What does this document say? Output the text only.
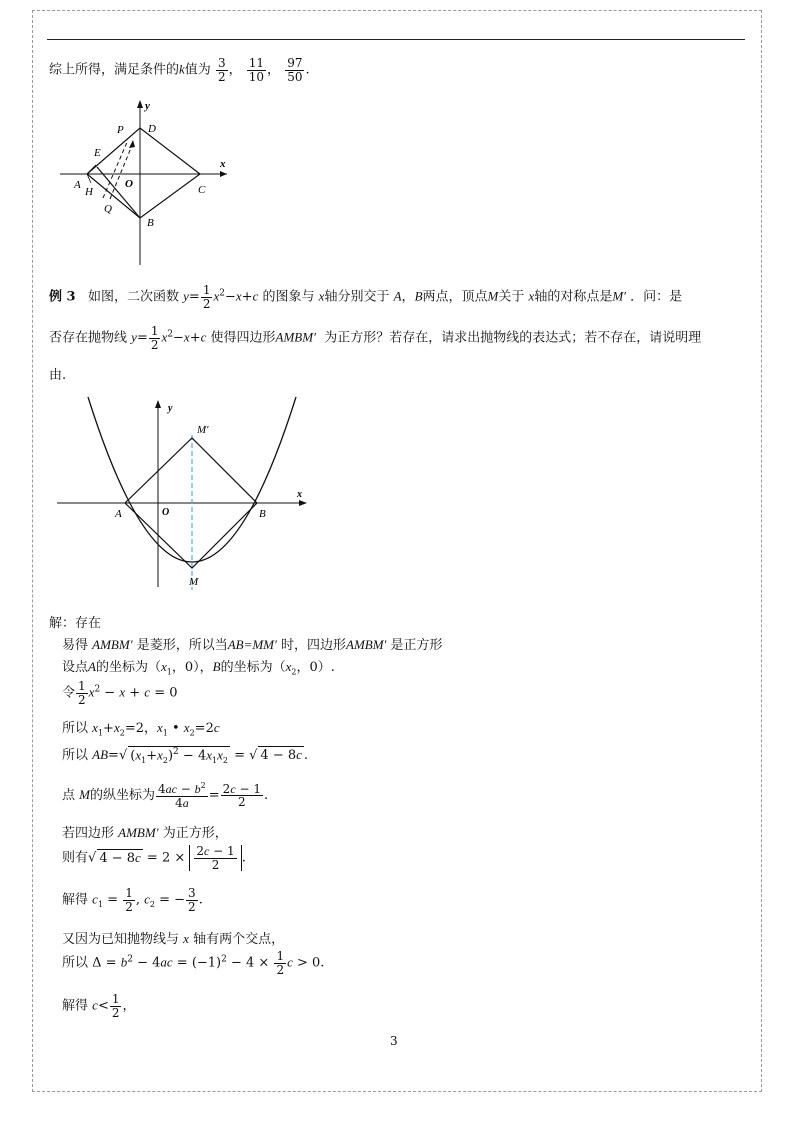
综上所得，满足条件的k值为 $\frac{3}{2}$ ， $\frac{11}{10}$ ， $\frac{97}{50}$ .
y
x
P D
E
O	C
A
H
Q
B
例 3 如图，二次函数 $y= \frac{1}{2} x^2-x+c$ 的图象与 x轴分别交于 A，B两点，顶点M关于 x轴的对称点是M′ ．问：是
否存在抛物线 $y= \frac{1}{2} x^2-x+c$ 使得四边形AMBM′ 为正方形？若存在，请求出抛物线的表达式；若不存在，请说明理
由.
y
x
M′
A	O	B
M
解：存在
易得 AMBM′ 是菱形，所以当AB=MM′ 时，四边形AMBM′ 是正方形
设点A的坐标为（$x_1$，0），B的坐标为（$x_2$，0）.
令 $\frac{1}{2} x^2 - x + c = 0$
所以 $x_1+x_2=2$，$x_1$ • $x_2=2c$
所以 AB=√ $(x_1+x_2)^2 - 4x_1x_2$ = √ 4 − 8c .
点 M的纵坐标为 $\frac{4ac - b^2}{4a} = \frac{2c - 1}{2}$ .
若四边形 AMBM′ 为正方形，
则有√ $4 - 8c = 2 \times \frac{2c - 1}{2}$ .
解得 $c_1 = \frac{1}{2}$ , $c_2$ = − $\frac{3}{2}$ .
又因为已知抛物线与 x 轴有两个交点，
所以 $\Delta = b^2 - 4ac = (-1)^2 - 4 \times \frac{1}{2}$ c > 0.
解得 $c< \frac{1}{2}$ ，
3
